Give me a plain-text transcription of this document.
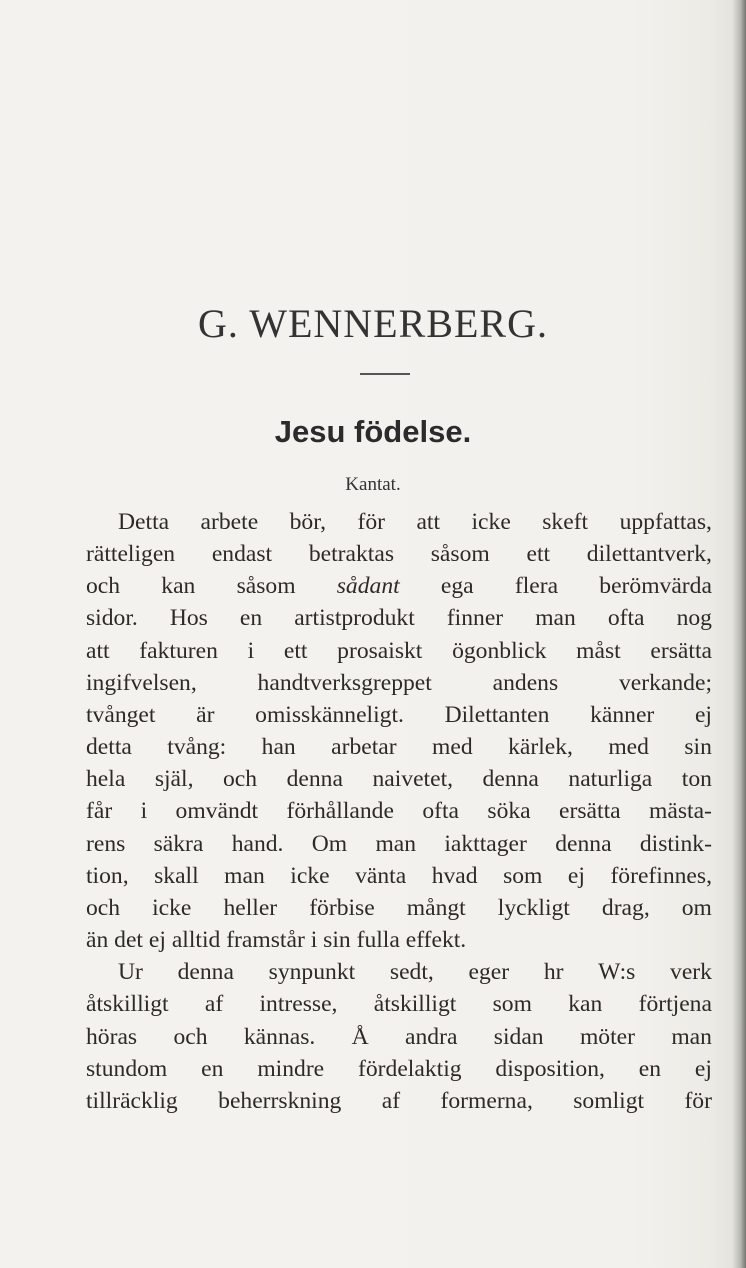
G. WENNERBERG.
Jesu födelse.
Kantat.
Detta arbete bör, för att icke skeft uppfattas,
rätteligen endast betraktas såsom ett dilettantverk,
och kan såsom sådant ega flera berömvärda
sidor. Hos en artistprodukt finner man ofta nog
att fakturen i ett prosaiskt ögonblick måst ersätta
ingifvelsen,	handtverksgreppet	andens	verkande;
tvånget är omisskänneligt. Dilettanten känner ej
detta tvång: han arbetar med kärlek, med sin
hela själ, och denna naivetet, denna naturliga ton
får i omvändt förhållande ofta söka ersätta mästa-
rens säkra hand. Om man iakttager denna distink-
tion, skall man icke vänta hvad som ej förefinnes,
och icke heller förbise mångt lyckligt drag, om
än det ej alltid framstår i sin fulla effekt.
Ur denna synpunkt sedt, eger hr W:s verk
åtskilligt af intresse, åtskilligt som kan förtjena
höras och kännas. Å andra sidan möter man
stundom en mindre fördelaktig disposition, en ej
tillräcklig beherrskning af formerna, somligt för
